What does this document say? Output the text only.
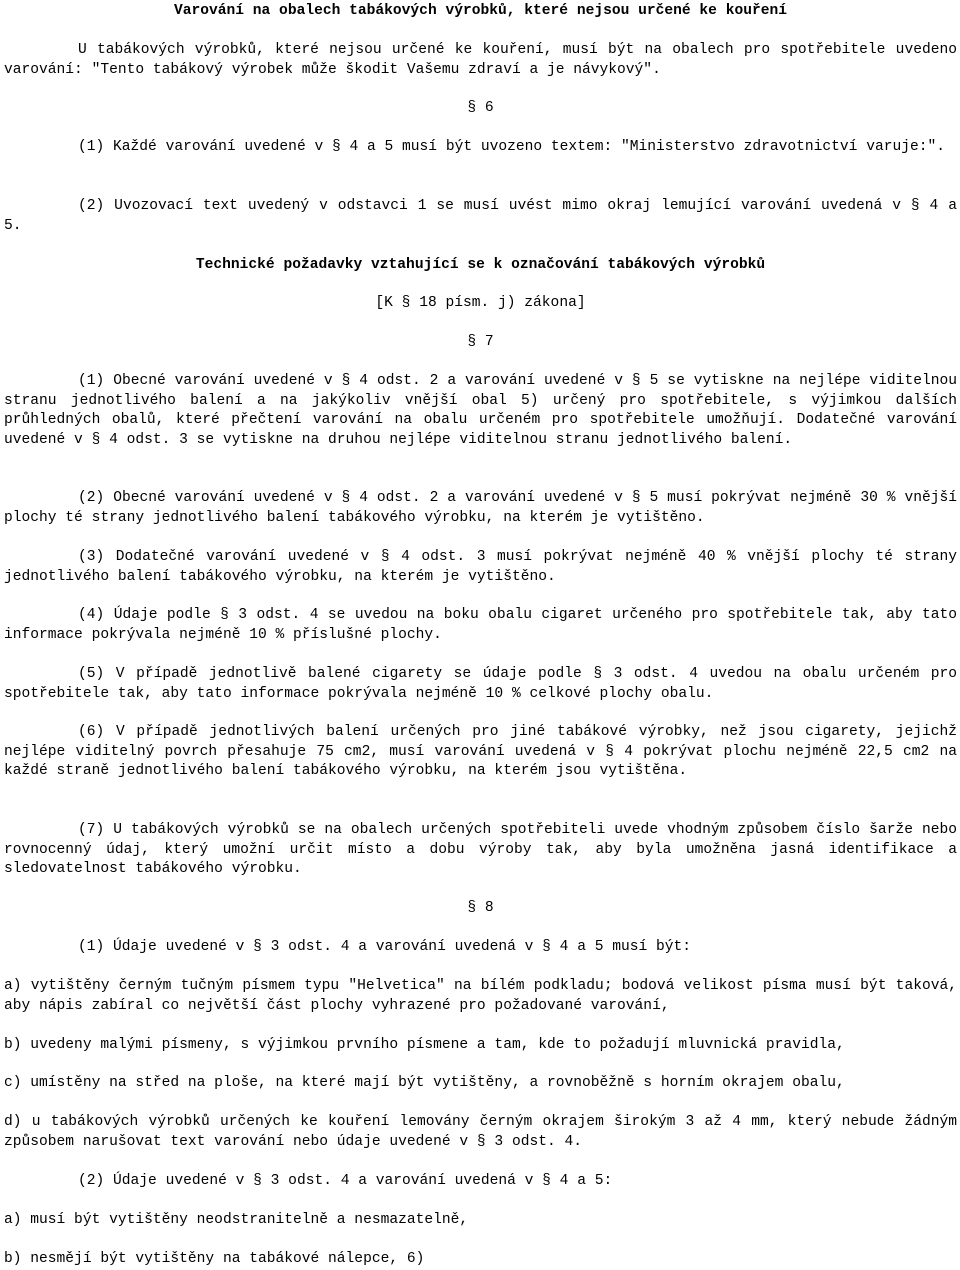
Varování na obalech tabákových výrobků, které nejsou určené ke kouření

U tabákových výrobků, které nejsou určené ke kouření, musí být na obalech pro spotřebitele uvedeno varování: "Tento tabákový výrobek může škodit Vašemu zdraví a je návykový".

§ 6

(1) Každé varování uvedené v § 4 a 5 musí být uvozeno textem: "Ministerstvo zdravotnictví varuje:".

(2) Uvozovací text uvedený v odstavci 1 se musí uvést mimo okraj lemující varování uvedená v § 4 a 5.

Technické požadavky vztahující se k označování tabákových výrobků

[K § 18 písm. j) zákona]

§ 7

(1) Obecné varování uvedené v § 4 odst. 2 a varování uvedené v § 5 se vytiskne na nejlépe viditelnou stranu jednotlivého balení a na jakýkoliv vnější obal 5) určený pro spotřebitele, s výjimkou dalších průhledných obalů, které přečtení varování na obalu určeném pro spotřebitele umožňují. Dodatečné varování uvedené v § 4 odst. 3 se vytiskne na druhou nejlépe viditelnou stranu jednotlivého balení.

(2) Obecné varování uvedené v § 4 odst. 2 a varování uvedené v § 5 musí pokrývat nejméně 30 % vnější plochy té strany jednotlivého balení tabákového výrobku, na kterém je vytištěno.

(3) Dodatečné varování uvedené v § 4 odst. 3 musí pokrývat nejméně 40 % vnější plochy té strany jednotlivého balení tabákového výrobku, na kterém je vytištěno.

(4) Údaje podle § 3 odst. 4 se uvedou na boku obalu cigaret určeného pro spotřebitele tak, aby tato informace pokrývala nejméně 10 % příslušné plochy.

(5) V případě jednotlivě balené cigarety se údaje podle § 3 odst. 4 uvedou na obalu určeném pro spotřebitele tak, aby tato informace pokrývala nejméně 10 % celkové plochy obalu.

(6) V případě jednotlivých balení určených pro jiné tabákové výrobky, než jsou cigarety, jejichž nejlépe viditelný povrch přesahuje 75 cm2, musí varování uvedená v § 4 pokrývat plochu nejméně 22,5 cm2 na každé straně jednotlivého balení tabákového výrobku, na kterém jsou vytištěna.

(7) U tabákových výrobků se na obalech určených spotřebiteli uvede vhodným způsobem číslo šarže nebo rovnocenný údaj, který umožní určit místo a dobu výroby tak, aby byla umožněna jasná identifikace a sledovatelnost tabákového výrobku.

§ 8

(1) Údaje uvedené v § 3 odst. 4 a varování uvedená v § 4 a 5 musí být:

a) vytištěny černým tučným písmem typu "Helvetica" na bílém podkladu; bodová velikost písma musí být taková, aby nápis zabíral co největší část plochy vyhrazené pro požadované varování,

b) uvedeny malými písmeny, s výjimkou prvního písmene a tam, kde to požadují mluvnická pravidla,

c) umístěny na střed na ploše, na které mají být vytištěny, a rovnoběžně s horním okrajem obalu,

d) u tabákových výrobků určených ke kouření lemovány černým okrajem širokým 3 až 4 mm, který nebude žádným způsobem narušovat text varování nebo údaje uvedené v § 3 odst. 4.

(2) Údaje uvedené v § 3 odst. 4 a varování uvedená v § 4 a 5:

a) musí být vytištěny neodstranitelně a nesmazatelně,

b) nesmějí být vytištěny na tabákové nálepce, 6)
